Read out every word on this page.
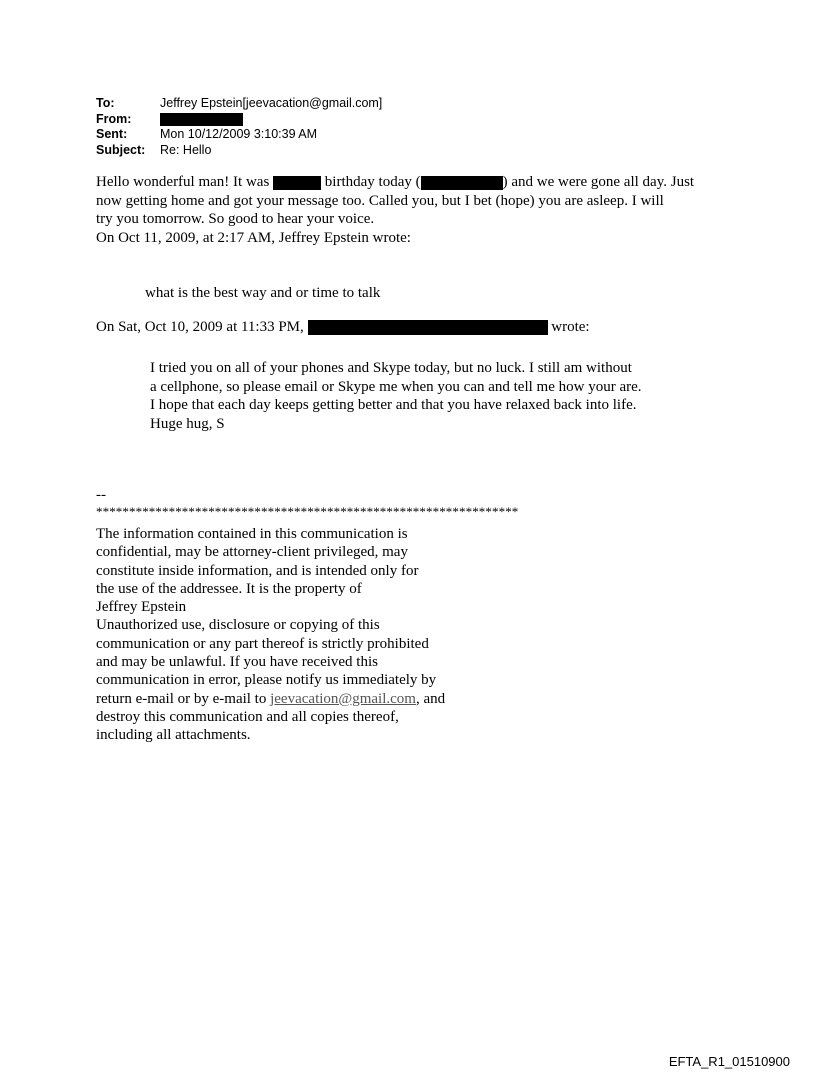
To:	Jeffrey Epstein[jeevacation@gmail.com]
From:
Sent:	Mon 10/12/2009 3:10:39 AM
Subject:	Re: Hello
Hello wonderful man! It was	birthday today (	) and we were gone all day. Just
now getting home and got your message too. Called you, but I bet (hope) you are asleep. I will
try you tomorrow. So good to hear your voice.
On Oct 11, 2009, at 2:17 AM, Jeffrey Epstein wrote:
what is the best way and or time to talk
On Sat, Oct 10, 2009 at 11:33 PM,	wrote:
I tried you on all of your phones and Skype today, but no luck. I still am without
a cellphone, so please email or Skype me when you can and tell me how your are.
I hope that each day keeps getting better and that you have relaxed back into life.
Huge hug, S
--
****************************************************************
The information contained in this communication is
confidential, may be attorney-client privileged, may
constitute inside information, and is intended only for
the use of the addressee. It is the property of
Jeffrey Epstein
Unauthorized use, disclosure or copying of this
communication or any part thereof is strictly prohibited
and may be unlawful. If you have received this
communication in error, please notify us immediately by
return e-mail or by e-mail to jeevacation@gmail.com, and
destroy this communication and all copies thereof,
including all attachments.
EFTA_R1_01510900
